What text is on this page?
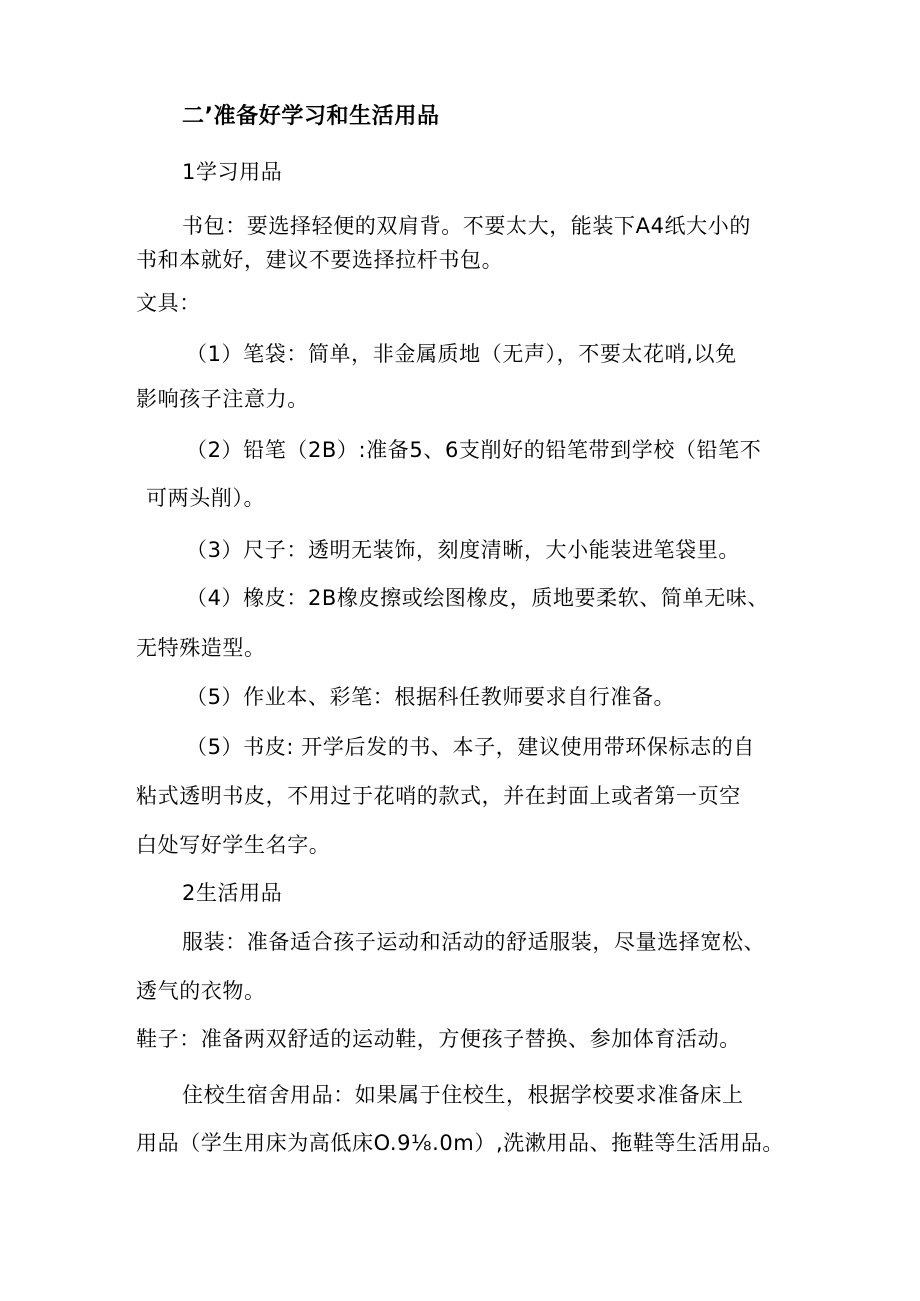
二’准备好学习和生活用品
1学习用品
书包：要选择轻便的双肩背。不要太大，能装下A4纸大小的
书和本就好，建议不要选择拉杆书包。
文具：
（1）笔袋：简单，非金属质地（无声），不要太花哨,以免
影响孩子注意力。
（2）铅笔（2B）:准备5、6支削好的铅笔带到学校（铅笔不
可两头削）。
（3）尺子：透明无装饰，刻度清晰，大小能装进笔袋里。
（4）橡皮：2B橡皮擦或绘图橡皮，质地要柔软、简单无味、
无特殊造型。
（5）作业本、彩笔：根据科任教师要求自行准备。
（5）书皮: 开学后发的书、本子，建议使用带环保标志的自
粘式透明书皮，不用过于花哨的款式，并在封面上或者第一页空
白处写好学生名字。
2生活用品
服装：准备适合孩子运动和活动的舒适服装，尽量选择宽松、
透气的衣物。
鞋子：准备两双舒适的运动鞋，方便孩子替换、参加体育活动。
住校生宿舍用品：如果属于住校生，根据学校要求准备床上
用品（学生用床为高低床O.9⅛.0m）,洗漱用品、拖鞋等生活用品。
